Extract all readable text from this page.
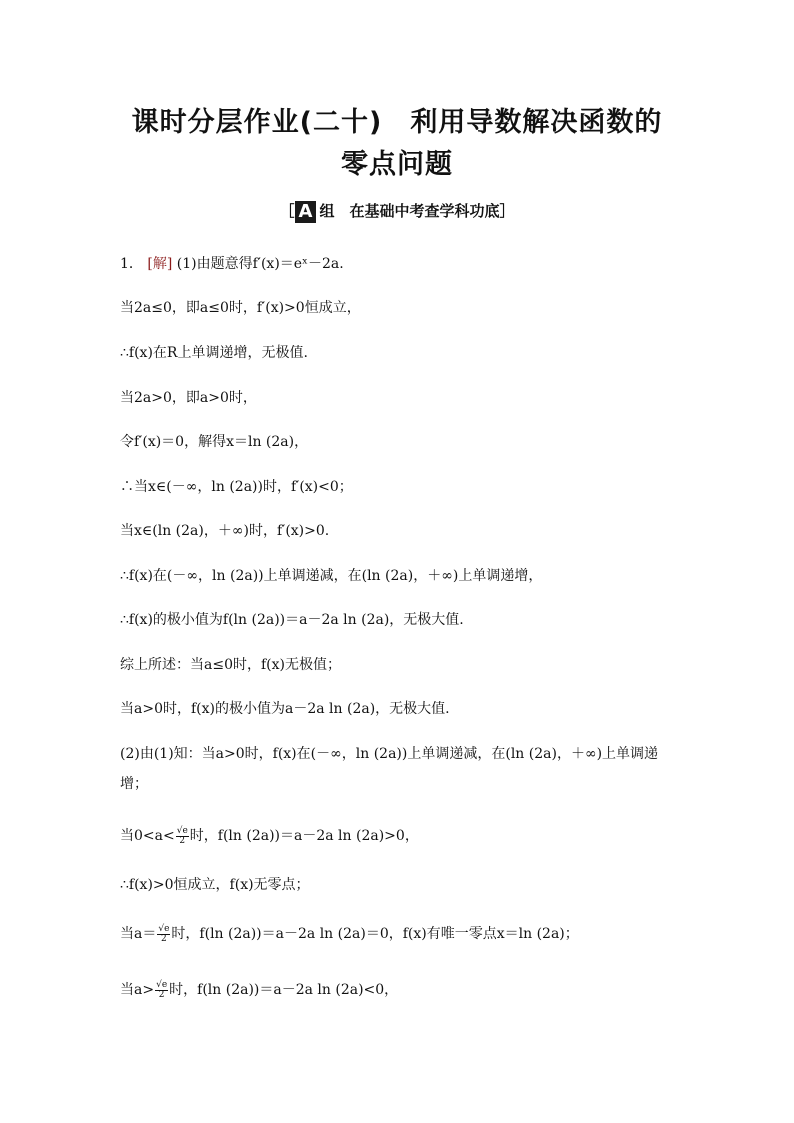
课时分层作业(二十)　利用导数解决函数的
零点问题
［ A 组　在基础中考查学科功底］
1． [解] (1)由题意得f′(x)＝eˣ－2a.
当2a≤0，即a≤0时，f′(x)>0恒成立，
∴f(x)在R上单调递增，无极值.
当2a>0，即a>0时，
令f′(x)＝0，解得x＝ln (2a)，
∴当x∈(－∞，ln (2a))时，f′(x)<0；
当x∈(ln (2a)，＋∞)时，f′(x)>0.
∴f(x)在(－∞，ln (2a))上单调递减，在(ln (2a)，＋∞)上单调递增，
∴f(x)的极小值为f(ln (2a))＝a－2a ln (2a)，无极大值.
综上所述：当a≤0时，f(x)无极值；
当a>0时，f(x)的极小值为a－2a ln (2a)，无极大值.
(2)由(1)知：当a>0时，f(x)在(－∞，ln (2a))上单调递减，在(ln (2a)，＋∞)上单调递增；
当$0<a< \frac{√e}{2}$ 时，f(ln (2a))＝a－2a ln (2a)>0，
∴f(x)>0恒成立，f(x)无零点；
当$a= \frac{√e}{2}$ 时，f(ln (2a))＝a－2a ln (2a)＝0，f(x)有唯一零点x＝ln (2a)；
当$a> \frac{√e}{2}$ 时，f(ln (2a))＝a－2a ln (2a)<0，
